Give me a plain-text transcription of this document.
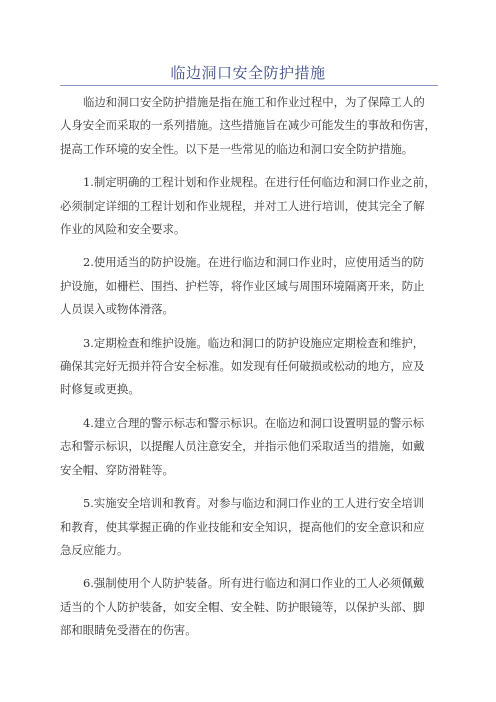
临边洞口安全防护措施

临边和洞口安全防护措施是指在施工和作业过程中，为了保障工人的
人身安全而采取的一系列措施。这些措施旨在减少可能发生的事故和伤害，
提高工作环境的安全性。以下是一些常见的临边和洞口安全防护措施。

1.制定明确的工程计划和作业规程。在进行任何临边和洞口作业之前，
必须制定详细的工程计划和作业规程，并对工人进行培训，使其完全了解
作业的风险和安全要求。

2.使用适当的防护设施。在进行临边和洞口作业时，应使用适当的防
护设施，如栅栏、围挡、护栏等，将作业区域与周围环境隔离开来，防止
人员误入或物体滑落。

3.定期检查和维护设施。临边和洞口的防护设施应定期检查和维护，
确保其完好无损并符合安全标准。如发现有任何破损或松动的地方，应及
时修复或更换。

4.建立合理的警示标志和警示标识。在临边和洞口设置明显的警示标
志和警示标识，以提醒人员注意安全，并指示他们采取适当的措施，如戴
安全帽、穿防滑鞋等。

5.实施安全培训和教育。对参与临边和洞口作业的工人进行安全培训
和教育，使其掌握正确的作业技能和安全知识，提高他们的安全意识和应
急反应能力。

6.强制使用个人防护装备。所有进行临边和洞口作业的工人必须佩戴
适当的个人防护装备，如安全帽、安全鞋、防护眼镜等，以保护头部、脚
部和眼睛免受潜在的伤害。
